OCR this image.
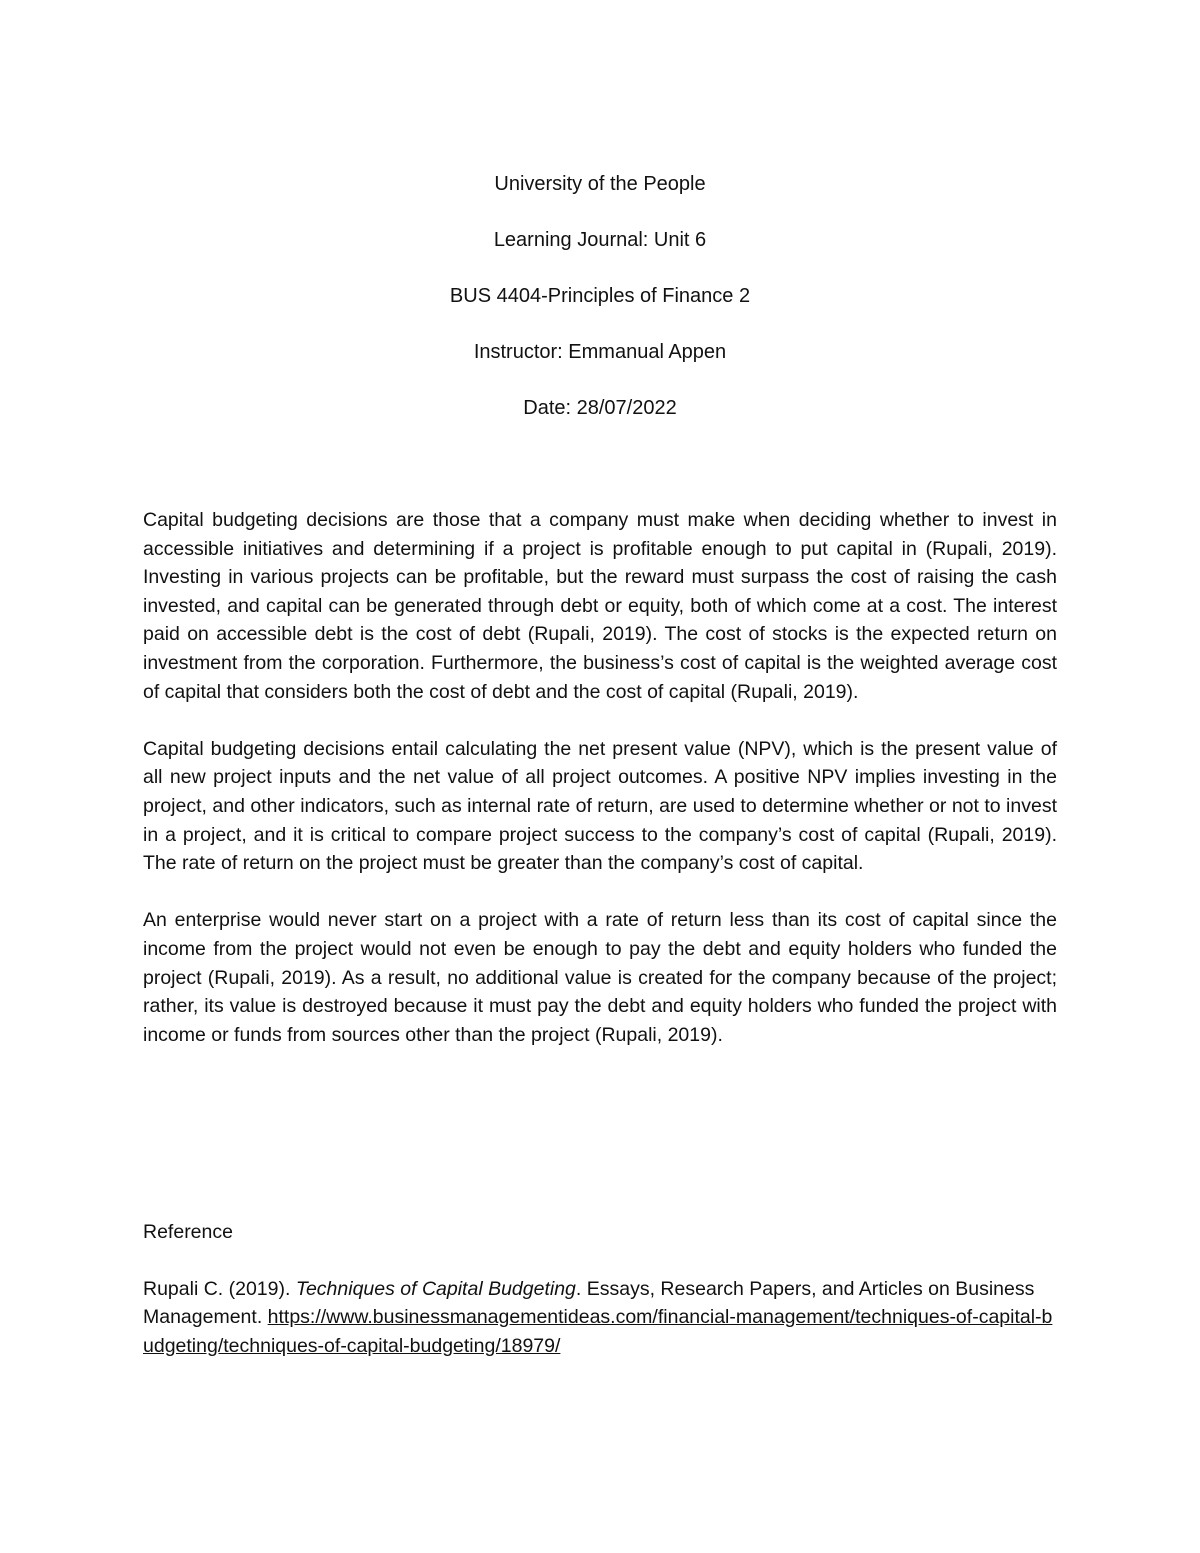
University of the People
Learning Journal: Unit 6
BUS 4404-Principles of Finance 2
Instructor: Emmanual Appen
Date: 28/07/2022

Capital budgeting decisions are those that a company must make when deciding whether to invest in accessible initiatives and determining if a project is profitable enough to put capital in (Rupali, 2019). Investing in various projects can be profitable, but the reward must surpass the cost of raising the cash invested, and capital can be generated through debt or equity, both of which come at a cost. The interest paid on accessible debt is the cost of debt (Rupali, 2019). The cost of stocks is the expected return on investment from the corporation. Furthermore, the business’s cost of capital is the weighted average cost of capital that considers both the cost of debt and the cost of capital (Rupali, 2019).

Capital budgeting decisions entail calculating the net present value (NPV), which is the present value of all new project inputs and the net value of all project outcomes. A positive NPV implies investing in the project, and other indicators, such as internal rate of return, are used to determine whether or not to invest in a project, and it is critical to compare project success to the company’s cost of capital (Rupali, 2019). The rate of return on the project must be greater than the company’s cost of capital.

An enterprise would never start on a project with a rate of return less than its cost of capital since the income from the project would not even be enough to pay the debt and equity holders who funded the project (Rupali, 2019). As a result, no additional value is created for the company because of the project; rather, its value is destroyed because it must pay the debt and equity holders who funded the project with income or funds from sources other than the project (Rupali, 2019).

Reference
Rupali C. (2019). Techniques of Capital Budgeting. Essays, Research Papers, and Articles on Business Management. https://www.businessmanagementideas.com/financial-management/techniques-of-capital-budgeting/techniques-of-capital-budgeting/18979/
